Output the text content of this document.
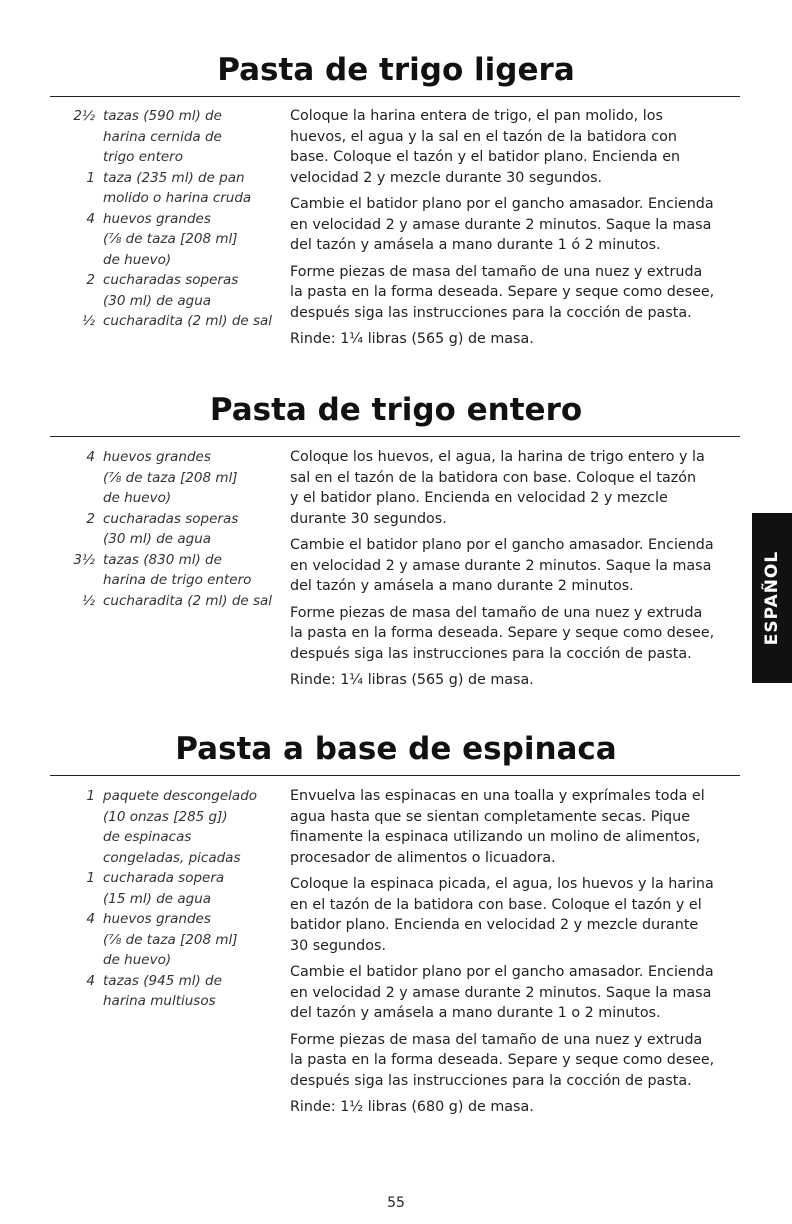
Pasta de trigo ligera
2½ tazas (590 ml) de
harina cernida de
trigo entero
1 taza (235 ml) de pan
molido o harina cruda
4 huevos grandes
(⅞ de taza [208 ml]
de huevo)
2 cucharadas soperas
(30 ml) de agua
½ cucharadita (2 ml) de sal

Coloque la harina entera de trigo, el pan molido, los
huevos, el agua y la sal en el tazón de la batidora con
base. Coloque el tazón y el batidor plano. Encienda en
velocidad 2 y mezcle durante 30 segundos.

Cambie el batidor plano por el gancho amasador. Encienda
en velocidad 2 y amase durante 2 minutos. Saque la masa
del tazón y amásela a mano durante 1 ó 2 minutos.

Forme piezas de masa del tamaño de una nuez y extruda
la pasta en la forma deseada. Separe y seque como desee,
después siga las instrucciones para la cocción de pasta.

Rinde: 1¼ libras (565 g) de masa.

Pasta de trigo entero
4 huevos grandes
(⅞ de taza [208 ml]
de huevo)
2 cucharadas soperas
(30 ml) de agua
3½ tazas (830 ml) de
harina de trigo entero
½ cucharadita (2 ml) de sal

Coloque los huevos, el agua, la harina de trigo entero y la
sal en el tazón de la batidora con base. Coloque el tazón
y el batidor plano. Encienda en velocidad 2 y mezcle
durante 30 segundos.

Cambie el batidor plano por el gancho amasador. Encienda
en velocidad 2 y amase durante 2 minutos. Saque la masa
del tazón y amásela a mano durante 2 minutos.

Forme piezas de masa del tamaño de una nuez y extruda
la pasta en la forma deseada. Separe y seque como desee,
después siga las instrucciones para la cocción de pasta.

Rinde: 1¼ libras (565 g) de masa.

Pasta a base de espinaca
1 paquete descongelado
(10 onzas [285 g])
de espinacas
congeladas, picadas
1 cucharada sopera
(15 ml) de agua
4 huevos grandes
(⅞ de taza [208 ml]
de huevo)
4 tazas (945 ml) de
harina multiusos

Envuelva las espinacas en una toalla y exprímales toda el
agua hasta que se sientan completamente secas. Pique
finamente la espinaca utilizando un molino de alimentos,
procesador de alimentos o licuadora.

Coloque la espinaca picada, el agua, los huevos y la harina
en el tazón de la batidora con base. Coloque el tazón y el
batidor plano. Encienda en velocidad 2 y mezcle durante
30 segundos.

Cambie el batidor plano por el gancho amasador. Encienda
en velocidad 2 y amase durante 2 minutos. Saque la masa
del tazón y amásela a mano durante 1 o 2 minutos.

Forme piezas de masa del tamaño de una nuez y extruda
la pasta en la forma deseada. Separe y seque como desee,
después siga las instrucciones para la cocción de pasta.

Rinde: 1½ libras (680 g) de masa.

ESPAÑOL
55
